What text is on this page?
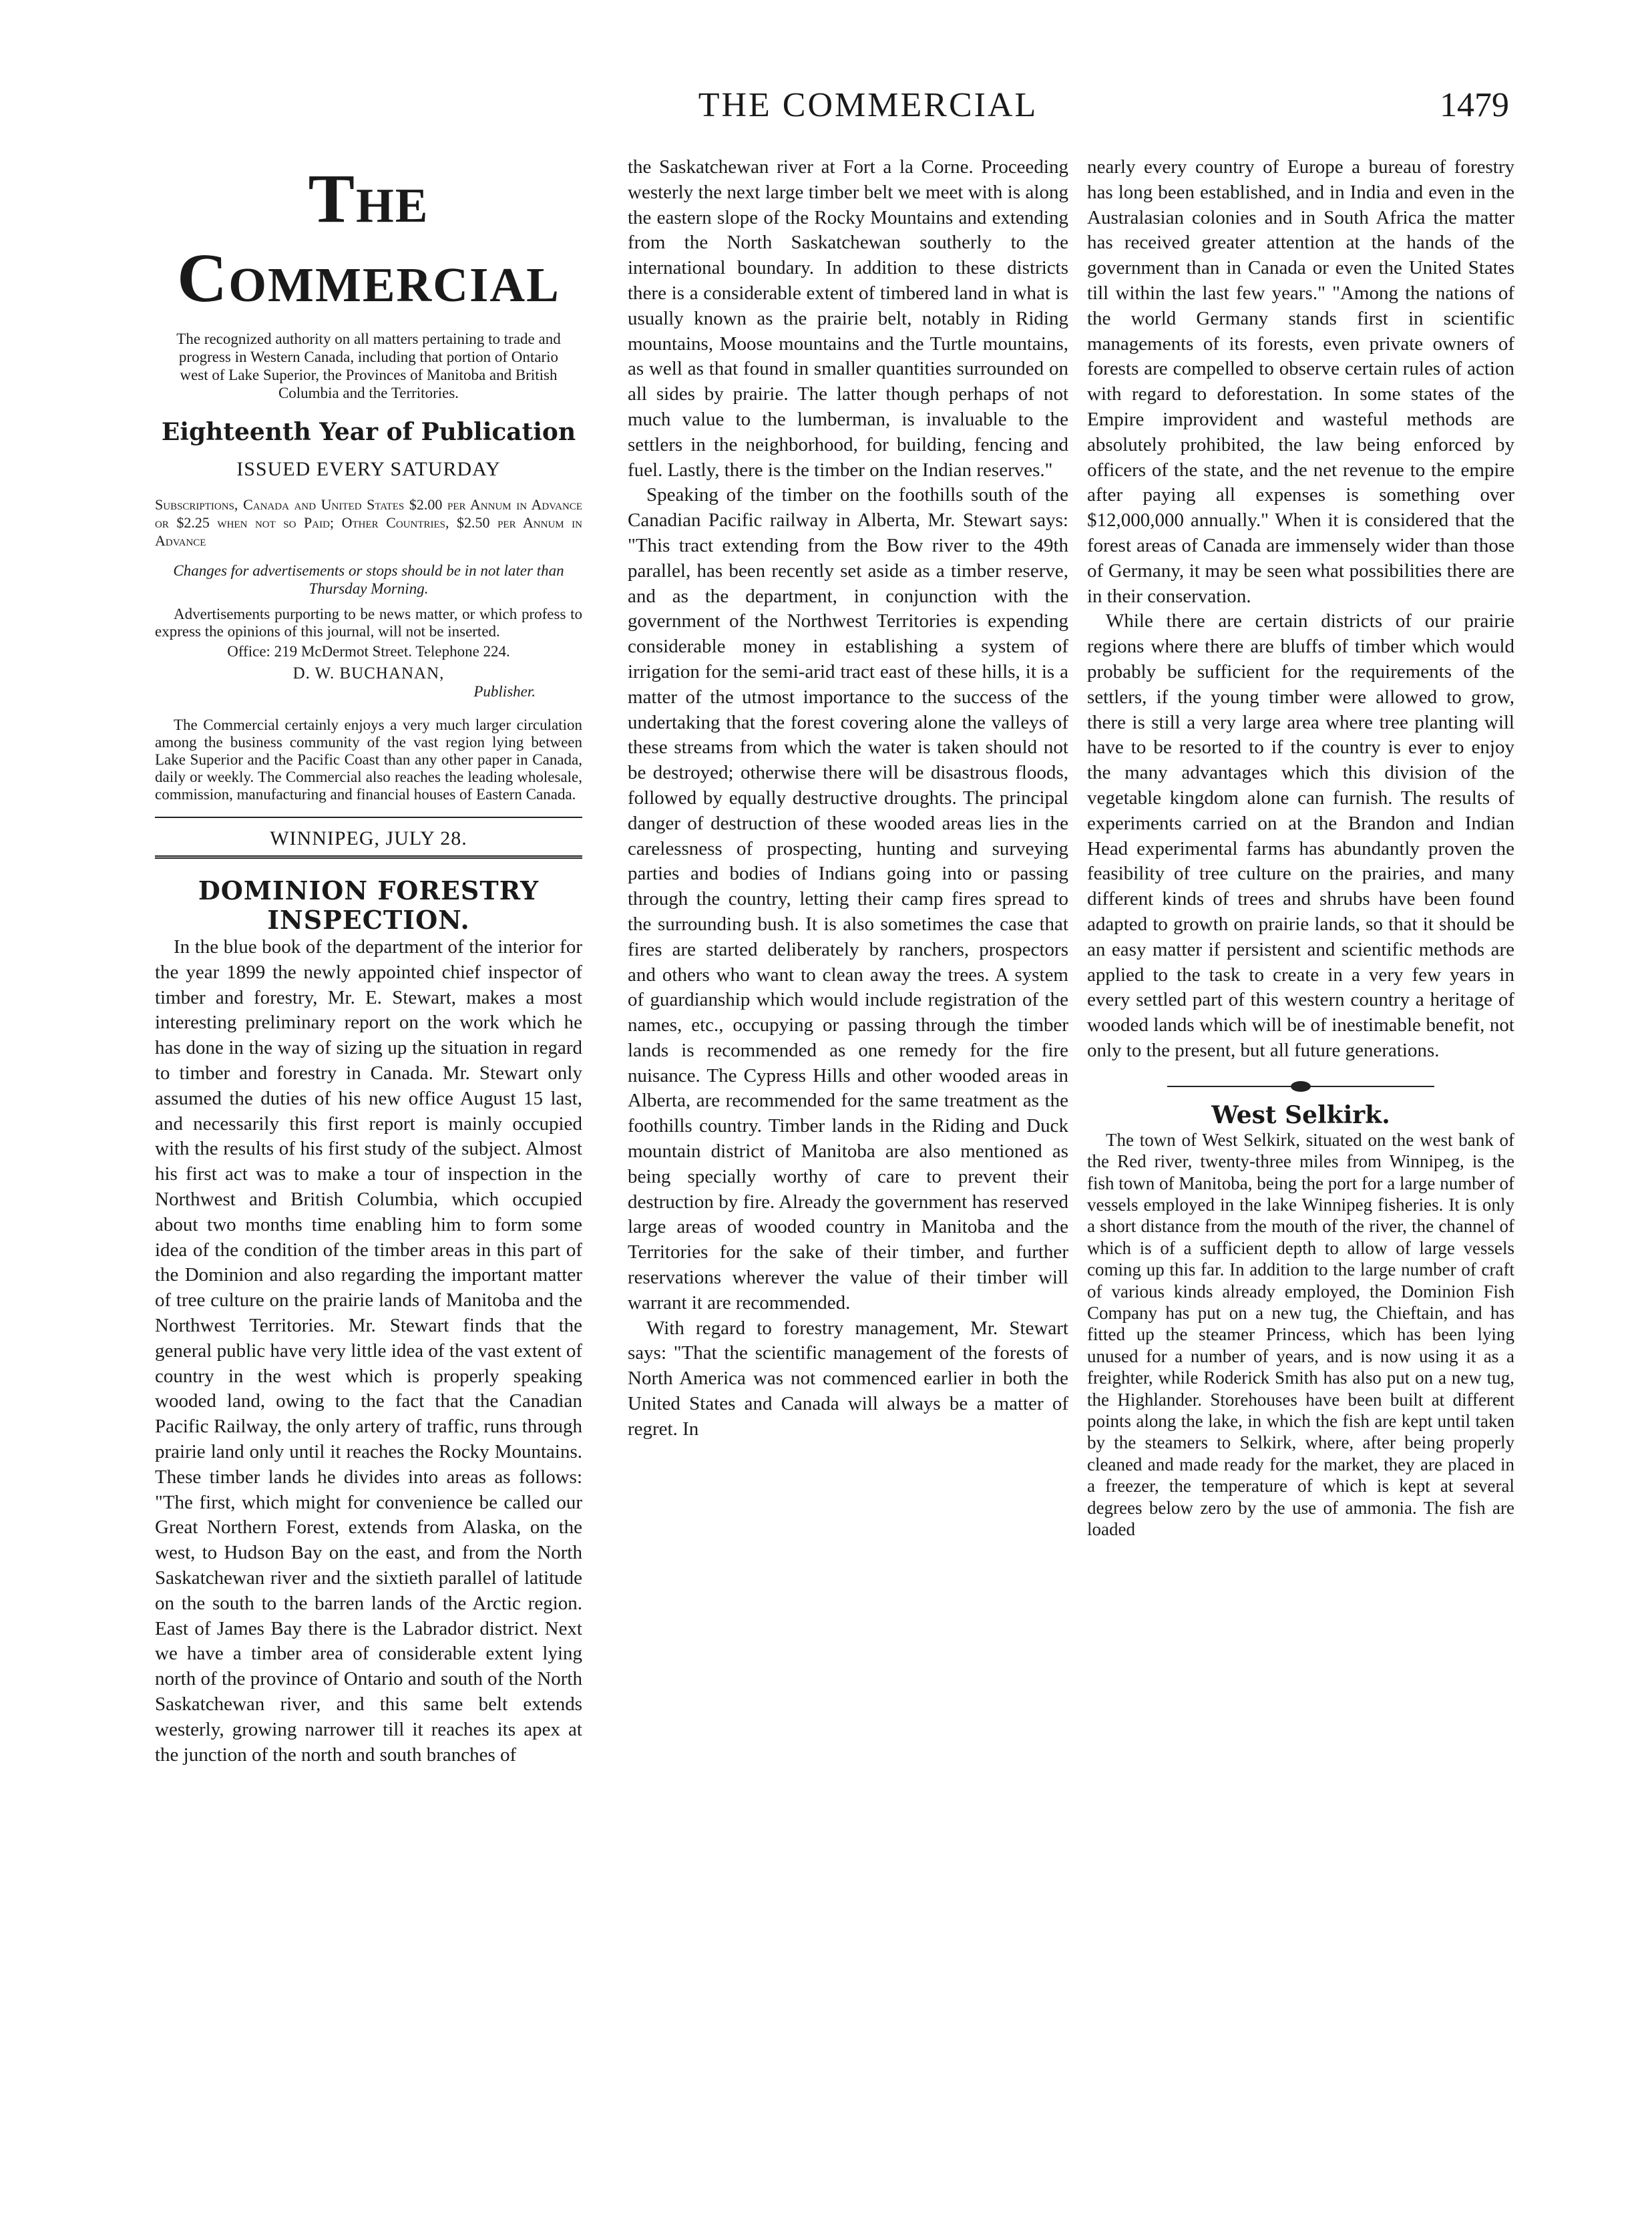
THE COMMERCIAL	1479
The Commercial
The recognized authority on all matters pertaining to trade and progress in Western Canada, including that portion of Ontario west of Lake Superior, the Provinces of Manitoba and British Columbia and the Territories.
Eighteenth Year of Publication
ISSUED EVERY SATURDAY
Subscriptions, Canada and United States $2.00 per Annum in Advance or $2.25 when not so Paid; Other Countries, $2.50 per Annum in Advance
Changes for advertisements or stops should be in not later than Thursday Morning.
Advertisements purporting to be news matter, or which profess to express the opinions of this journal, will not be inserted.
Office: 219 McDermot Street. Telephone 224.
D. W. BUCHANAN,
Publisher.
The Commercial certainly enjoys a very much larger circulation among the business community of the vast region lying between Lake Superior and the Pacific Coast than any other paper in Canada, daily or weekly. The Commercial also reaches the leading wholesale, commission, manufacturing and financial houses of Eastern Canada.
WINNIPEG, JULY 28.
DOMINION FORESTRY INSPECTION.

In the blue book of the department of the interior for the year 1899 the newly appointed chief inspector of timber and forestry, Mr. E. Stewart, makes a most interesting preliminary report on the work which he has done in the way of sizing up the situation in regard to timber and forestry in Canada. Mr. Stewart only assumed the duties of his new office August 15 last, and necessarily this first report is mainly occupied with the results of his first study of the subject. Almost his first act was to make a tour of inspection in the Northwest and British Columbia, which occupied about two months time enabling him to form some idea of the condition of the timber areas in this part of the Dominion and also regarding the important matter of tree culture on the prairie lands of Manitoba and the Northwest Territories. Mr. Stewart finds that the general public have very little idea of the vast extent of country in the west which is properly speaking wooded land, owing to the fact that the Canadian Pacific Railway, the only artery of traffic, runs through prairie land only until it reaches the Rocky Mountains. These timber lands he divides into areas as follows: "The first, which might for convenience be called our Great Northern Forest, extends from Alaska, on the west, to Hudson Bay on the east, and from the North Saskatchewan river and the sixtieth parallel of latitude on the south to the barren lands of the Arctic region. East of James Bay there is the Labrador district. Next we have a timber area of considerable extent lying north of the province of Ontario and south of the North Saskatchewan river, and this same belt extends westerly, growing narrower till it reaches its apex at the junction of the north and south branches of

the Saskatchewan river at Fort a la Corne. Proceeding westerly the next large timber belt we meet with is along the eastern slope of the Rocky Mountains and extending from the North Saskatchewan southerly to the international boundary. In addition to these districts there is a considerable extent of timbered land in what is usually known as the prairie belt, notably in Riding mountains, Moose mountains and the Turtle mountains, as well as that found in smaller quantities surrounded on all sides by prairie. The latter though perhaps of not much value to the lumberman, is invaluable to the settlers in the neighborhood, for building, fencing and fuel. Lastly, there is the timber on the Indian reserves."

Speaking of the timber on the foothills south of the Canadian Pacific railway in Alberta, Mr. Stewart says: "This tract extending from the Bow river to the 49th parallel, has been recently set aside as a timber reserve, and as the department, in conjunction with the government of the Northwest Territories is expending considerable money in establishing a system of irrigation for the semi-arid tract east of these hills, it is a matter of the utmost importance to the success of the undertaking that the forest covering alone the valleys of these streams from which the water is taken should not be destroyed; otherwise there will be disastrous floods, followed by equally destructive droughts. The principal danger of destruction of these wooded areas lies in the carelessness of prospecting, hunting and surveying parties and bodies of Indians going into or passing through the country, letting their camp fires spread to the surrounding bush. It is also sometimes the case that fires are started deliberately by ranchers, prospectors and others who want to clean away the trees. A system of guardianship which would include registration of the names, etc., occupying or passing through the timber lands is recommended as one remedy for the fire nuisance. The Cypress Hills and other wooded areas in Alberta, are recommended for the same treatment as the foothills country. Timber lands in the Riding and Duck mountain district of Manitoba are also mentioned as being specially worthy of care to prevent their destruction by fire. Already the government has reserved large areas of wooded country in Manitoba and the Territories for the sake of their timber, and further reservations wherever the value of their timber will warrant it are recommended.

With regard to forestry management, Mr. Stewart says: "That the scientific management of the forests of North America was not commenced earlier in both the United States and Canada will always be a matter of regret. In

nearly every country of Europe a bureau of forestry has long been established, and in India and even in the Australasian colonies and in South Africa the matter has received greater attention at the hands of the government than in Canada or even the United States till within the last few years." "Among the nations of the world Germany stands first in scientific managements of its forests, even private owners of forests are compelled to observe certain rules of action with regard to deforestation. In some states of the Empire improvident and wasteful methods are absolutely prohibited, the law being enforced by officers of the state, and the net revenue to the empire after paying all expenses is something over $12,000,000 annually." When it is considered that the forest areas of Canada are immensely wider than those of Germany, it may be seen what possibilities there are in their conservation.

While there are certain districts of our prairie regions where there are bluffs of timber which would probably be sufficient for the requirements of the settlers, if the young timber were allowed to grow, there is still a very large area where tree planting will have to be resorted to if the country is ever to enjoy the many advantages which this division of the vegetable kingdom alone can furnish. The results of experiments carried on at the Brandon and Indian Head experimental farms has abundantly proven the feasibility of tree culture on the prairies, and many different kinds of trees and shrubs have been found adapted to growth on prairie lands, so that it should be an easy matter if persistent and scientific methods are applied to the task to create in a very few years in every settled part of this western country a heritage of wooded lands which will be of inestimable benefit, not only to the present, but all future generations.

West Selkirk.

The town of West Selkirk, situated on the west bank of the Red river, twenty-three miles from Winnipeg, is the fish town of Manitoba, being the port for a large number of vessels employed in the lake Winnipeg fisheries. It is only a short distance from the mouth of the river, the channel of which is of a sufficient depth to allow of large vessels coming up this far. In addition to the large number of craft of various kinds already employed, the Dominion Fish Company has put on a new tug, the Chieftain, and has fitted up the steamer Princess, which has been lying unused for a number of years, and is now using it as a freighter, while Roderick Smith has also put on a new tug, the Highlander. Storehouses have been built at different points along the lake, in which the fish are kept until taken by the steamers to Selkirk, where, after being properly cleaned and made ready for the market, they are placed in a freezer, the temperature of which is kept at several degrees below zero by the use of ammonia. The fish are loaded
